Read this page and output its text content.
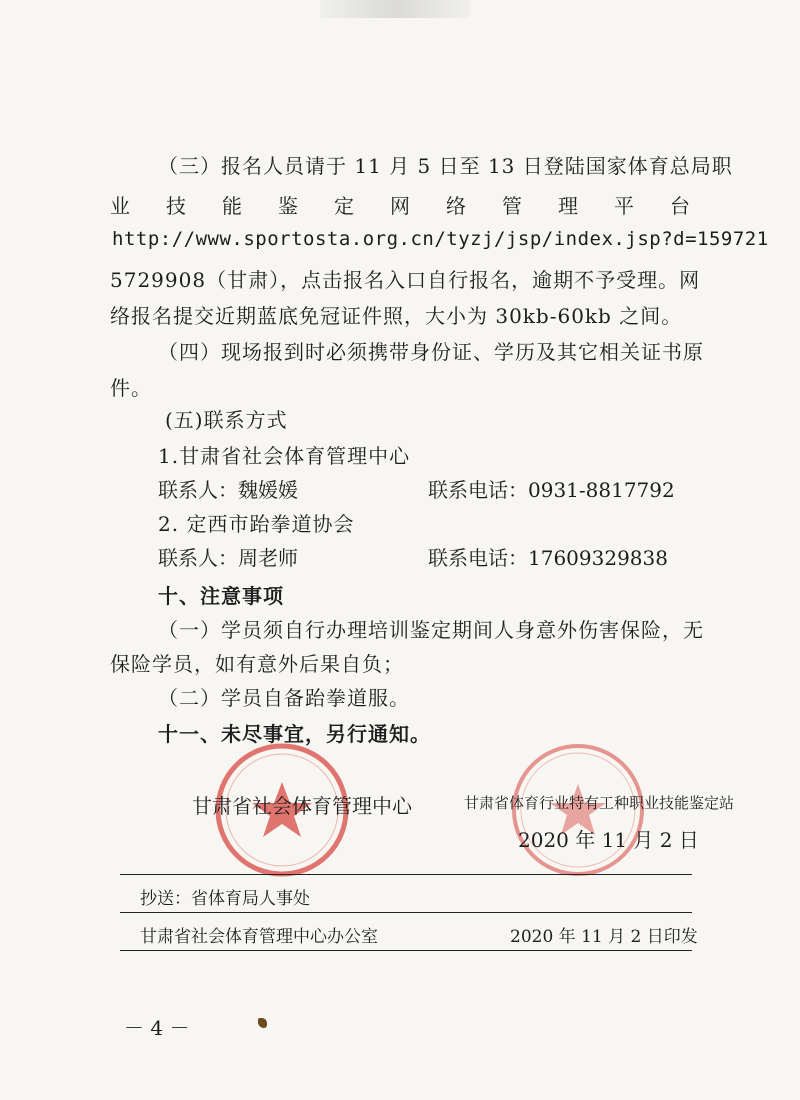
（三）报名人员请于 11 月 5 日至 13 日登陆国家体育总局职
业 技 能 鉴 定 网 络 管 理 平 台
http://www.sportosta.org.cn/tyzj/jsp/index.jsp?d=159721
5729908（甘肃），点击报名入口自行报名，逾期不予受理。网
络报名提交近期蓝底免冠证件照，大小为 30kb-60kb 之间。
（四）现场报到时必须携带身份证、学历及其它相关证书原
件。
(五)联系方式
1.甘肃省社会体育管理中心
联系人：魏媛媛	联系电话：0931-8817792
2. 定西市跆拳道协会
联系人：周老师	联系电话：17609329838
十、注意事项
（一）学员须自行办理培训鉴定期间人身意外伤害保险，无
保险学员，如有意外后果自负；
（二）学员自备跆拳道服。
十一、未尽事宜，另行通知。
甘肃省社会体育管理中心	甘肃省体育行业特有工种职业技能鉴定站
2020 年 11 月 2 日
抄送：省体育局人事处
甘肃省社会体育管理中心办公室	2020 年 11 月 2 日印发
－ 4 －
